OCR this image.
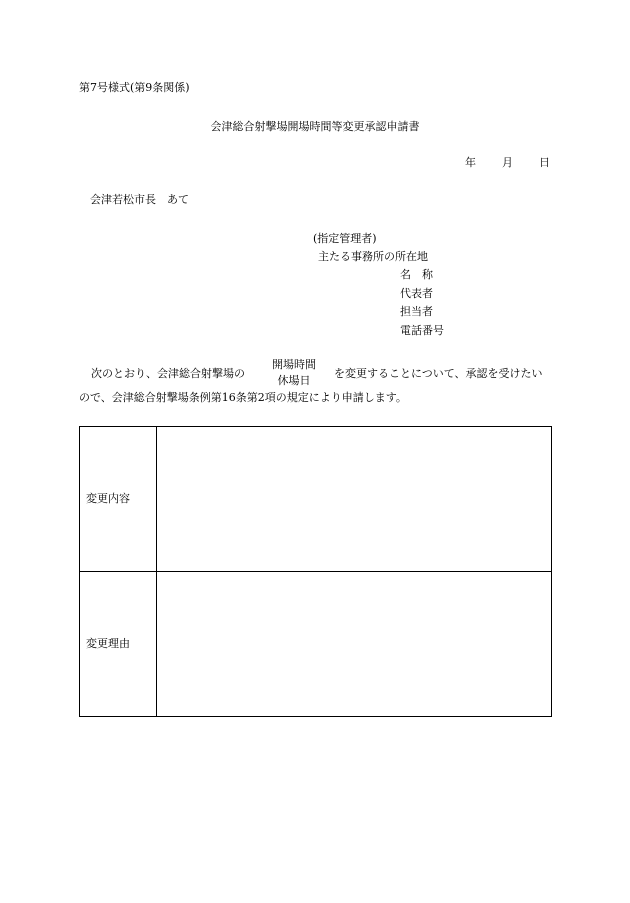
第7号様式(第9条関係)
会津総合射撃場開場時間等変更承認申請書
年 月 日
会津若松市長　あて
(指定管理者)
主たる事務所の所在地
名　称
代表者
担当者
電話番号
次のとおり、会津総合射撃場の
開場時間
休場日
を変更することについて、承認を受けたい
ので、会津総合射撃場条例第16条第2項の規定により申請します。
変更内容	
変更理由	
